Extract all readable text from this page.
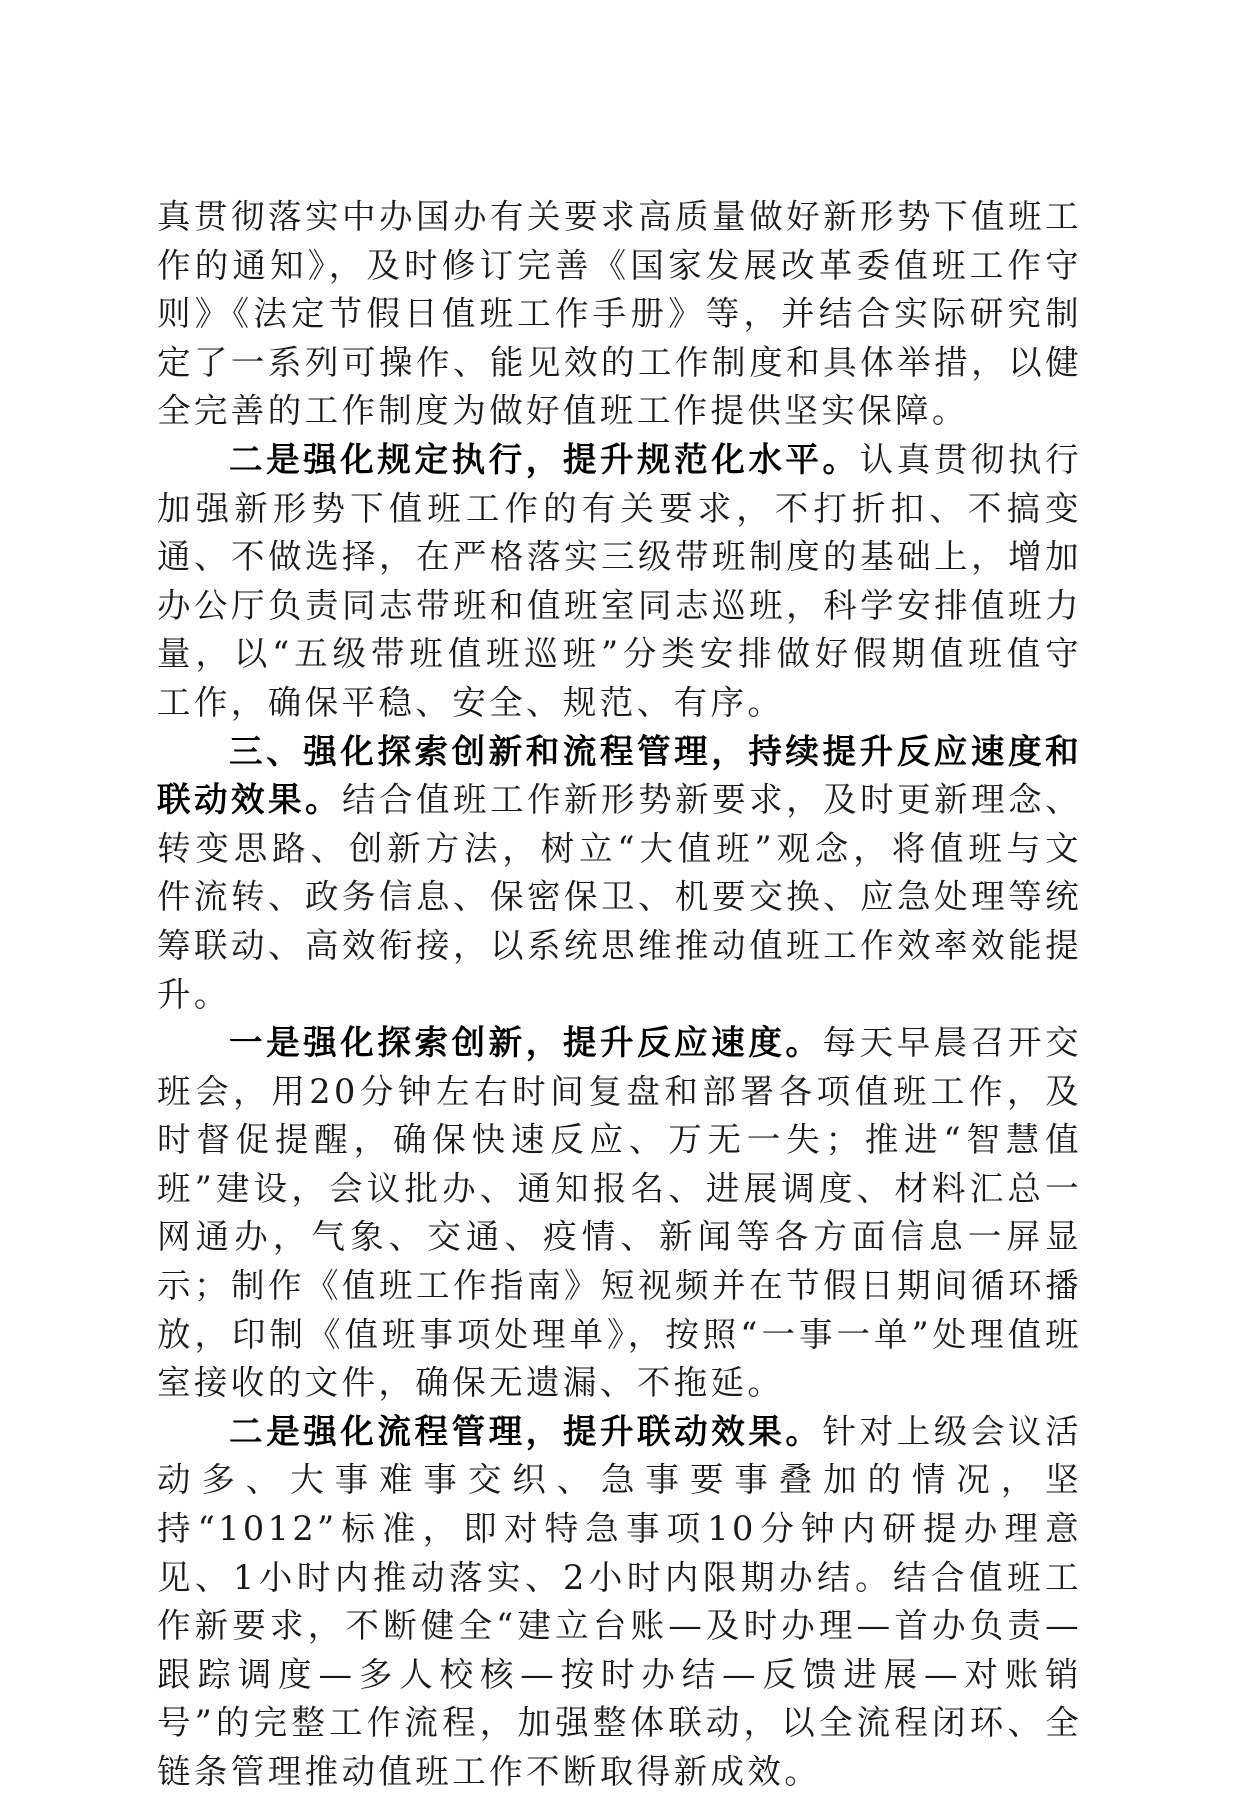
真贯彻落实中办国办有关要求高质量做好新形势下值班工作的通知》，及时修订完善《国家发展改革委值班工作守则》《法定节假日值班工作手册》等，并结合实际研究制定了一系列可操作、能见效的工作制度和具体举措，以健全完善的工作制度为做好值班工作提供坚实保障。

二是强化规定执行，提升规范化水平。认真贯彻执行加强新形势下值班工作的有关要求，不打折扣、不搞变通、不做选择，在严格落实三级带班制度的基础上，增加办公厅负责同志带班和值班室同志巡班，科学安排值班力量，以“五级带班值班巡班”分类安排做好假期值班值守工作，确保平稳、安全、规范、有序。

三、强化探索创新和流程管理，持续提升反应速度和联动效果。结合值班工作新形势新要求，及时更新理念、转变思路、创新方法，树立“大值班”观念，将值班与文件流转、政务信息、保密保卫、机要交换、应急处理等统筹联动、高效衔接，以系统思维推动值班工作效率效能提升。

一是强化探索创新，提升反应速度。每天早晨召开交班会，用20分钟左右时间复盘和部署各项值班工作，及时督促提醒，确保快速反应、万无一失；推进“智慧值班”建设，会议批办、通知报名、进展调度、材料汇总一网通办，气象、交通、疫情、新闻等各方面信息一屏显示；制作《值班工作指南》短视频并在节假日期间循环播放，印制《值班事项处理单》，按照“一事一单”处理值班室接收的文件，确保无遗漏、不拖延。

二是强化流程管理，提升联动效果。针对上级会议活动多、大事难事交织、急事要事叠加的情况，坚持“1012”标准，即对特急事项10分钟内研提办理意见、1小时内推动落实、2小时内限期办结。结合值班工作新要求，不断健全“建立台账—及时办理—首办负责—跟踪调度—多人校核—按时办结—反馈进展—对账销号”的完整工作流程，加强整体联动，以全流程闭环、全链条管理推动值班工作不断取得新成效。
